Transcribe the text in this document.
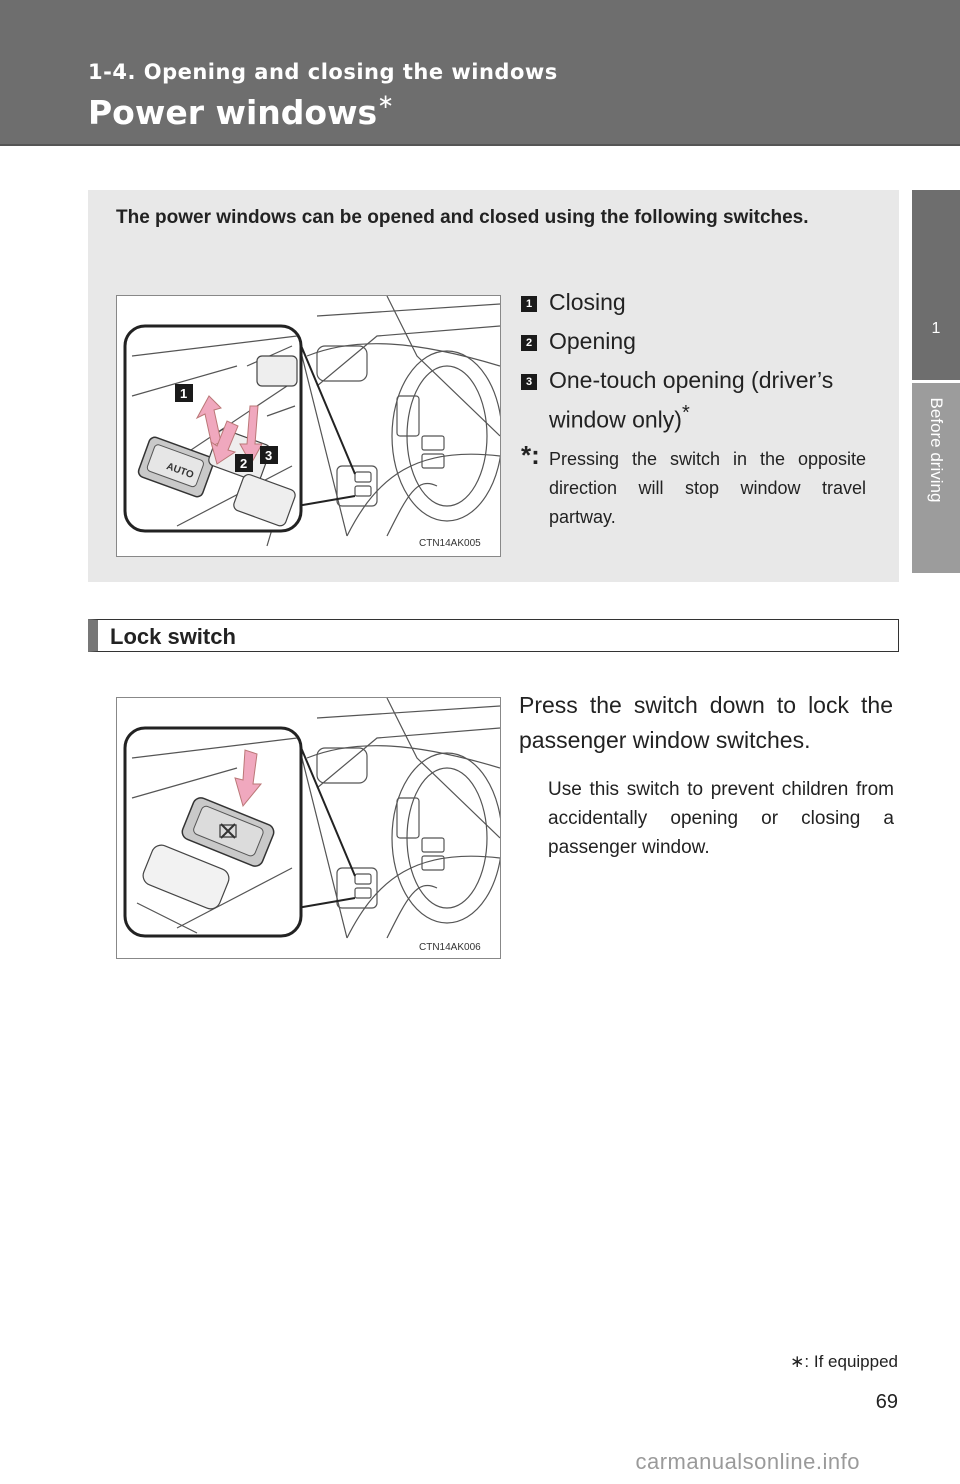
1-4. Opening and closing the windows
Power windows∗
1
Before driving
The power windows can be opened and closed using the following switches.
AUTO
1
2
3
CTN14AK005
1 Closing
2 Opening
3 One-touch opening (driver’s window only)*
*: Pressing the switch in the opposite direction will stop window travel partway.
Lock switch
CTN14AK006
Press the switch down to lock the passenger window switches.
Use this switch to prevent children from accidentally opening or closing a passenger window.
∗: If equipped
69
carmanualsonline.info
